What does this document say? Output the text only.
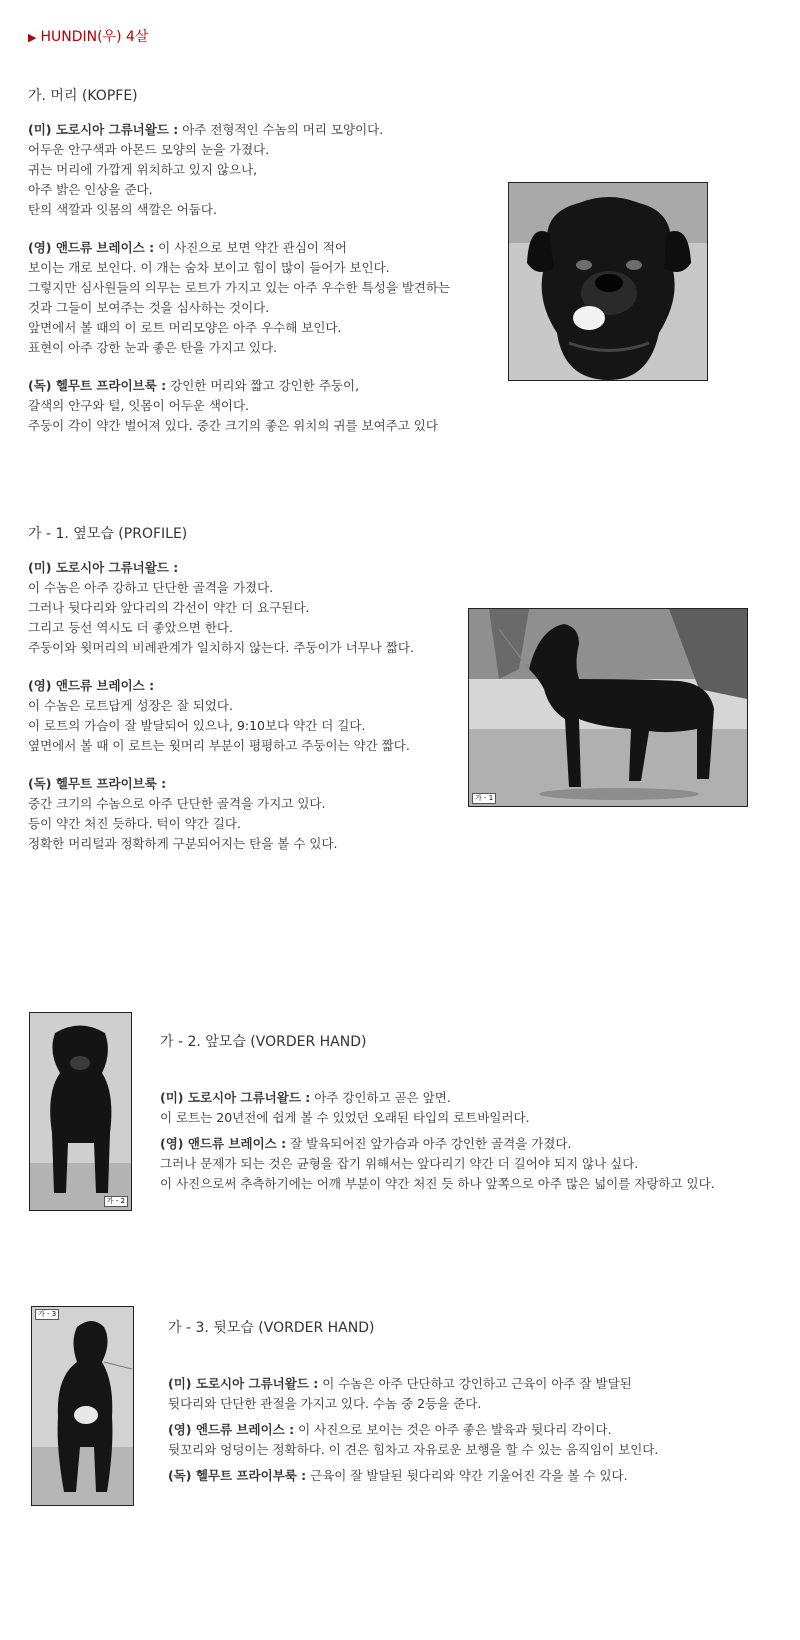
▶ HUNDIN(우) 4살
가. 머리 (KOPFE)
(미) 도로시아 그류너왈드 : 아주 전형적인 수놈의 머리 모양이다.
어두운 안구색과 아몬드 모양의 눈을 가졌다.
귀는 머리에 가깝게 위치하고 있지 않으나,
아주 밝은 인상을 준다.
탄의 색깔과 잇몸의 색깔은 어둡다.
(영) 앤드류 브레이스 : 이 사진으로 보면 약간 관심이 적어
보이는 개로 보인다. 이 개는 숨차 보이고 힘이 많이 들어가 보인다.
그렇지만 심사원들의 의무는 로트가 가지고 있는 아주 우수한 특성을 발견하는
것과 그들이 보여주는 것을 심사하는 것이다.
앞면에서 볼 때의 이 로트 머리모양은 아주 우수해 보인다.
표현이 아주 강한 눈과 좋은 탄을 가지고 있다.
(독) 헬무트 프라이브룩 : 강인한 머리와 짧고 강인한 주둥이,
갈색의 안구와 털, 잇몸이 어두운 색이다.
주둥이 각이 약간 벌어져 있다. 중간 크기의 좋은 위치의 귀를 보여주고 있다
가 - 1. 옆모습 (PROFILE)
(미) 도로시아 그류너왈드 :
이 수놈은 아주 강하고 단단한 골격을 가졌다.
그러나 뒷다리와 앞다리의 각선이 약간 더 요구된다.
그리고 등선 역시도 더 좋았으면 한다.
주둥이와 윗머리의 비례관계가 일치하지 않는다. 주둥이가 너무나 짧다.
(영) 앤드류 브레이스 :
이 수놈은 로트답게 성장은 잘 되었다.
이 로트의 가슴이 잘 발달되어 있으나, 9:10보다 약간 더 길다.
옆면에서 볼 때 이 로트는 윗머리 부분이 평평하고 주둥이는 약간 짧다.
(독) 헬무트 프라이브룩 :
중간 크기의 수놈으로 아주 단단한 골격을 가지고 있다.
등이 약간 처진 듯하다. 턱이 약간 길다.
정확한 머리털과 정확하게 구분되어지는 탄을 볼 수 있다.
가 - 1
가 - 2
가 - 2. 앞모습 (VORDER HAND)
(미) 도로시아 그류너왈드 : 아주 강인하고 곧은 앞면.
이 로트는 20년전에 쉽게 볼 수 있었던 오래된 타입의 로트바일러다.
(영) 앤드류 브레이스 : 잘 발육되어진 앞가슴과 아주 강인한 골격을 가졌다.
그러나 문제가 되는 것은 균형을 잡기 위해서는 앞다리기 약간 더 길어야 되지 않나 싶다.
이 사진으로써 추측하기에는 어깨 부분이 약간 처진 듯 하나 앞쪽으로 아주 많은 넓이를 자랑하고 있다.
가 - 3
가 - 3. 뒷모습 (VORDER HAND)
(미) 도로시아 그류너왈드 : 이 수놈은 아주 단단하고 강인하고 근육이 아주 잘 발달된
뒷다리와 단단한 관절을 가지고 있다. 수놈 중 2등을 준다.
(영) 엔드류 브레이스 : 이 사진으로 보이는 것은 아주 좋은 발육과 뒷다리 각이다.
뒷꼬리와 엉덩이는 정확하다. 이 견은 힘차고 자유로운 보행을 할 수 있는 움직임이 보인다.
(독) 헬무트 프라이부룩 : 근육이 잘 발달된 뒷다리와 약간 기울어진 각을 볼 수 있다.
